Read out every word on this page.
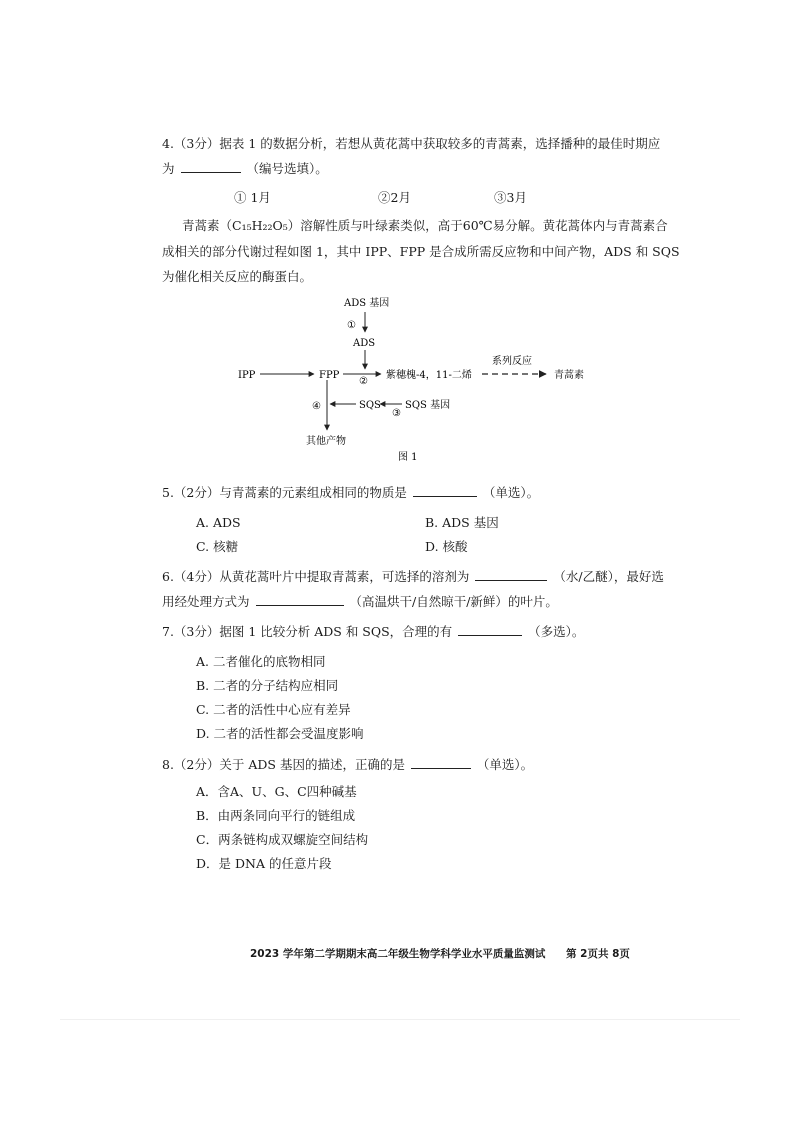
4.（3分）据表 1 的数据分析，若想从黄花蒿中获取较多的青蒿素，选择播种的最佳时期应
为	（编号选填）。
① 1月	②2月	③3月
青蒿素（C₁₅H₂₂O₅）溶解性质与叶绿素类似，高于60℃易分解。黄花蒿体内与青蒿素合
成相关的部分代谢过程如图 1，其中 IPP、FPP 是合成所需反应物和中间产物，ADS 和 SQS
为催化相关反应的酶蛋白。
ADS 基因
①
ADS
IPP	FPP
②
紫穗槐-4，11-二烯
系列反应
青蒿素
④	SQS SQS 基因
③
其他产物
图 1
5.（2分）与青蒿素的元素组成相同的物质是	（单选）。
A. ADS	B. ADS 基因
C. 核糖	D. 核酸
6.（4分）从黄花蒿叶片中提取青蒿素，可选择的溶剂为	（水/乙醚），最好选
用经处理方式为	（高温烘干/自然晾干/新鲜）的叶片。
7.（3分）据图 1 比较分析 ADS 和 SQS，合理的有	（多选）。
A. 二者催化的底物相同
B. 二者的分子结构应相同
C. 二者的活性中心应有差异
D. 二者的活性都会受温度影响
8.（2分）关于 ADS 基因的描述，正确的是	（单选）。
A．含A、U、G、C四种碱基
B．由两条同向平行的链组成
C．两条链构成双螺旋空间结构
D．是 DNA 的任意片段
2023 学年第二学期期末高二年级生物学科学业水平质量监测试 第 2页共 8页
